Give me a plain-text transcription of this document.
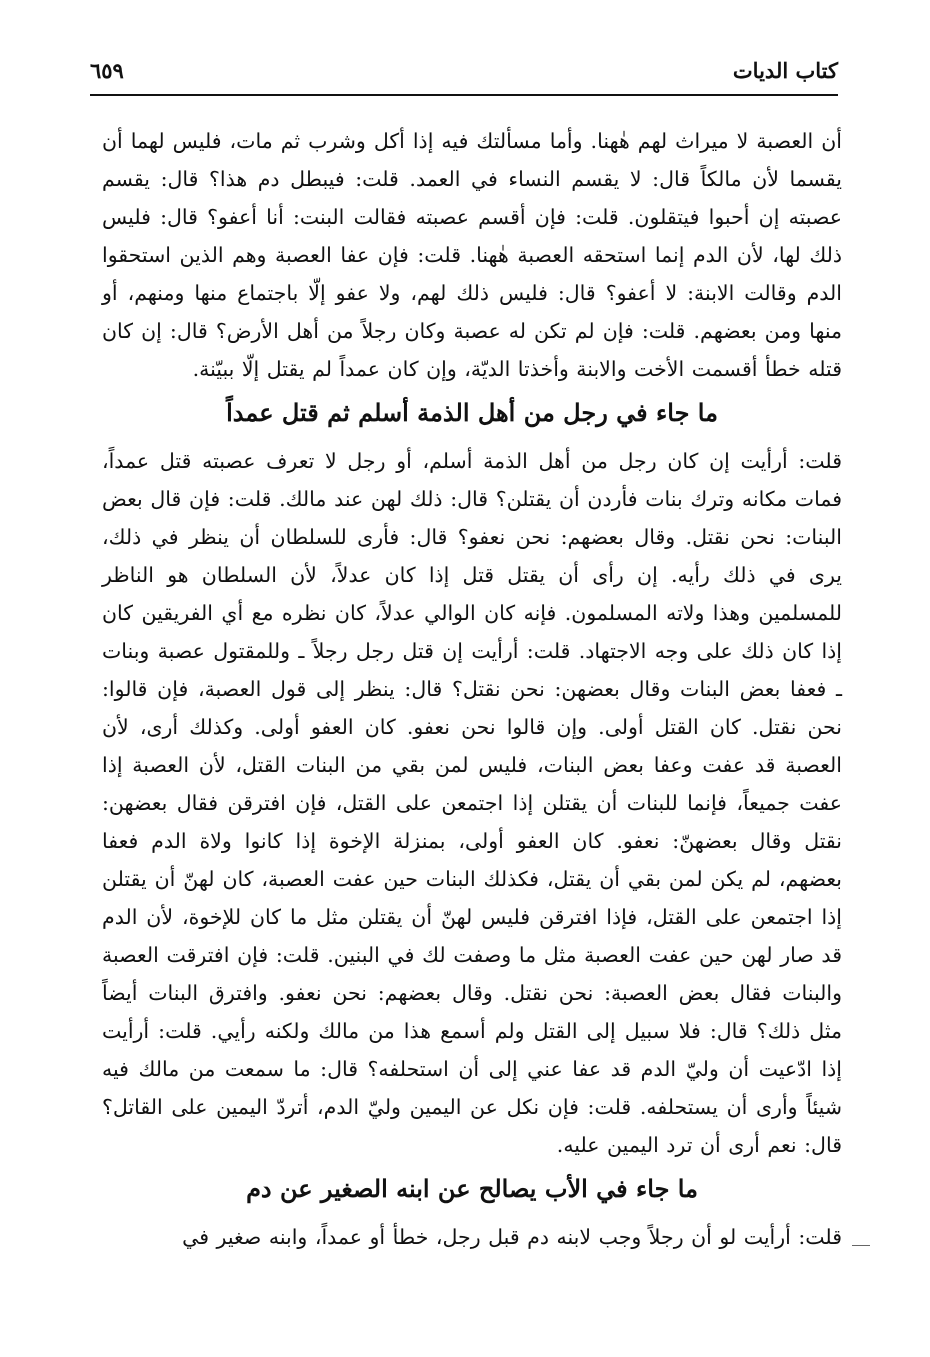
كتاب الديات
٦٥٩

أن العصبة لا ميراث لهم هٰهنا. وأما مسألتك فيه إذا أكل وشرب ثم مات، فليس لهما أن يقسما لأن مالكاً قال: لا يقسم النساء في العمد. قلت: فيبطل دم هذا؟ قال: يقسم عصبته إن أحبوا فيتقلون. قلت: فإن أقسم عصبته فقالت البنت: أنا أعفو؟ قال: فليس ذلك لها، لأن الدم إنما استحقه العصبة هٰهنا. قلت: فإن عفا العصبة وهم الذين استحقوا الدم وقالت الابنة: لا أعفو؟ قال: فليس ذلك لهم، ولا عفو إلّا باجتماع منها ومنهم، أو منها ومن بعضهم. قلت: فإن لم تكن له عصبة وكان رجلاً من أهل الأرض؟ قال: إن كان قتله خطأ أقسمت الأخت والابنة وأخذتا الديّة، وإن كان عمداً لم يقتل إلّا ببيّنة.

ما جاء في رجل من أهل الذمة أسلم ثم قتل عمداً

قلت: أرأيت إن كان رجل من أهل الذمة أسلم، أو رجل لا تعرف عصبته قتل عمداً، فمات مكانه وترك بنات فأردن أن يقتلن؟ قال: ذلك لهن عند مالك. قلت: فإن قال بعض البنات: نحن نقتل. وقال بعضهم: نحن نعفو؟ قال: فأرى للسلطان أن ينظر في ذلك، يرى في ذلك رأيه. إن رأى أن يقتل قتل إذا كان عدلاً، لأن السلطان هو الناظر للمسلمين وهذا ولاته المسلمون. فإنه كان الوالي عدلاً، كان نظره مع أي الفريقين كان إذا كان ذلك على وجه الاجتهاد. قلت: أرأيت إن قتل رجل رجلاً ـ وللمقتول عصبة وبنات ـ فعفا بعض البنات وقال بعضهن: نحن نقتل؟ قال: ينظر إلى قول العصبة، فإن قالوا: نحن نقتل. كان القتل أولى. وإن قالوا نحن نعفو. كان العفو أولى. وكذلك أرى، لأن العصبة قد عفت وعفا بعض البنات، فليس لمن بقي من البنات القتل، لأن العصبة إذا عفت جميعاً، فإنما للبنات أن يقتلن إذا اجتمعن على القتل، فإن افترقن فقال بعضهن: نقتل وقال بعضهنّ: نعفو. كان العفو أولى، بمنزلة الإخوة إذا كانوا ولاة الدم فعفا بعضهم، لم يكن لمن بقي أن يقتل، فكذلك البنات حين عفت العصبة، كان لهنّ أن يقتلن إذا اجتمعن على القتل، فإذا افترقن فليس لهنّ أن يقتلن مثل ما كان للإخوة، لأن الدم قد صار لهن حين عفت العصبة مثل ما وصفت لك في البنين. قلت: فإن افترقت العصبة والبنات فقال بعض العصبة: نحن نقتل. وقال بعضهم: نحن نعفو. وافترق البنات أيضاً مثل ذلك؟ قال: فلا سبيل إلى القتل ولم أسمع هذا من مالك ولكنه رأيي. قلت: أرأيت إذا ادّعيت أن وليّ الدم قد عفا عني إلى أن استحلفه؟ قال: ما سمعت من مالك فيه شيئاً وأرى أن يستحلفه. قلت: فإن نكل عن اليمين وليّ الدم، أتردّ اليمين على القاتل؟ قال: نعم أرى أن ترد اليمين عليه.

ما جاء في الأب يصالح عن ابنه الصغير عن دم

قلت: أرأيت لو أن رجلاً وجب لابنه دم قبل رجل، خطأ أو عمداً، وابنه صغير في
